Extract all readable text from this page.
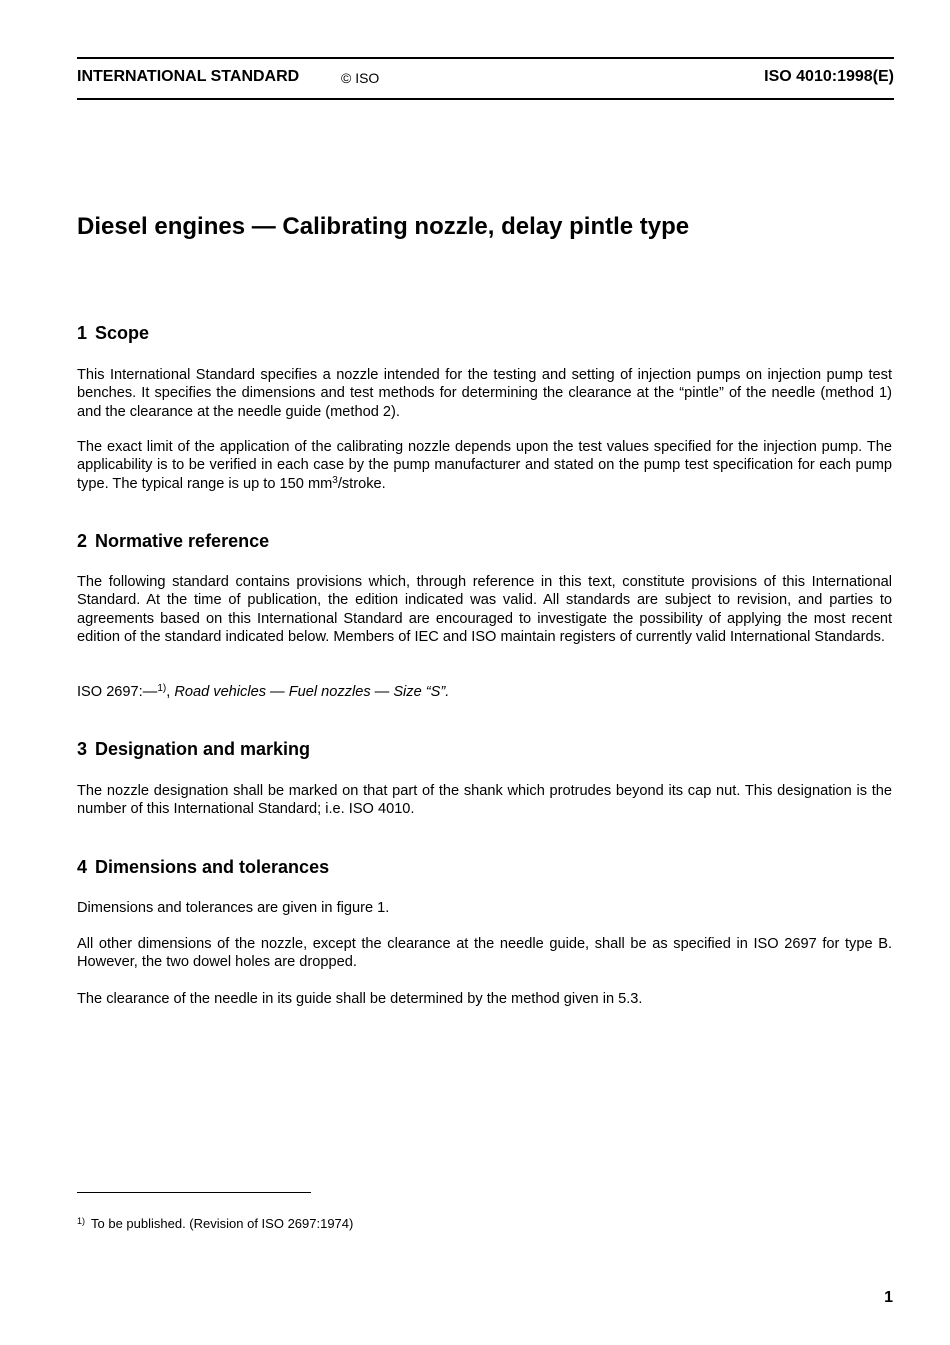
INTERNATIONAL STANDARD	© ISO	ISO 4010:1998(E)
Diesel engines — Calibrating nozzle, delay pintle type
1 Scope

This International Standard specifies a nozzle intended for the testing and setting of injection pumps on injection pump test benches. It specifies the dimensions and test methods for determining the clearance at the “pintle” of the needle (method 1) and the clearance at the needle guide (method 2).

The exact limit of the application of the calibrating nozzle depends upon the test values specified for the injection pump. The applicability is to be verified in each case by the pump manufacturer and stated on the pump test specification for each pump type. The typical range is up to 150 $mm^3$/stroke.

2 Normative reference

The following standard contains provisions which, through reference in this text, constitute provisions of this International Standard. At the time of publication, the edition indicated was valid. All standards are subject to revision, and parties to agreements based on this International Standard are encouraged to investigate the possibility of applying the most recent edition of the standard indicated below. Members of IEC and ISO maintain registers of currently valid International Standards.

ISO 2697:—$^{1)}$, Road vehicles — Fuel nozzles — Size “S”.

3 Designation and marking

The nozzle designation shall be marked on that part of the shank which protrudes beyond its cap nut. This designation is the number of this International Standard; i.e. ISO 4010.

4 Dimensions and tolerances

Dimensions and tolerances are given in figure 1.

All other dimensions of the nozzle, except the clearance at the needle guide, shall be as specified in ISO 2697 for type B. However, the two dowel holes are dropped.

The clearance of the needle in its guide shall be determined by the method given in 5.3.

$^{1)}$ To be published. (Revision of ISO 2697:1974)
1
